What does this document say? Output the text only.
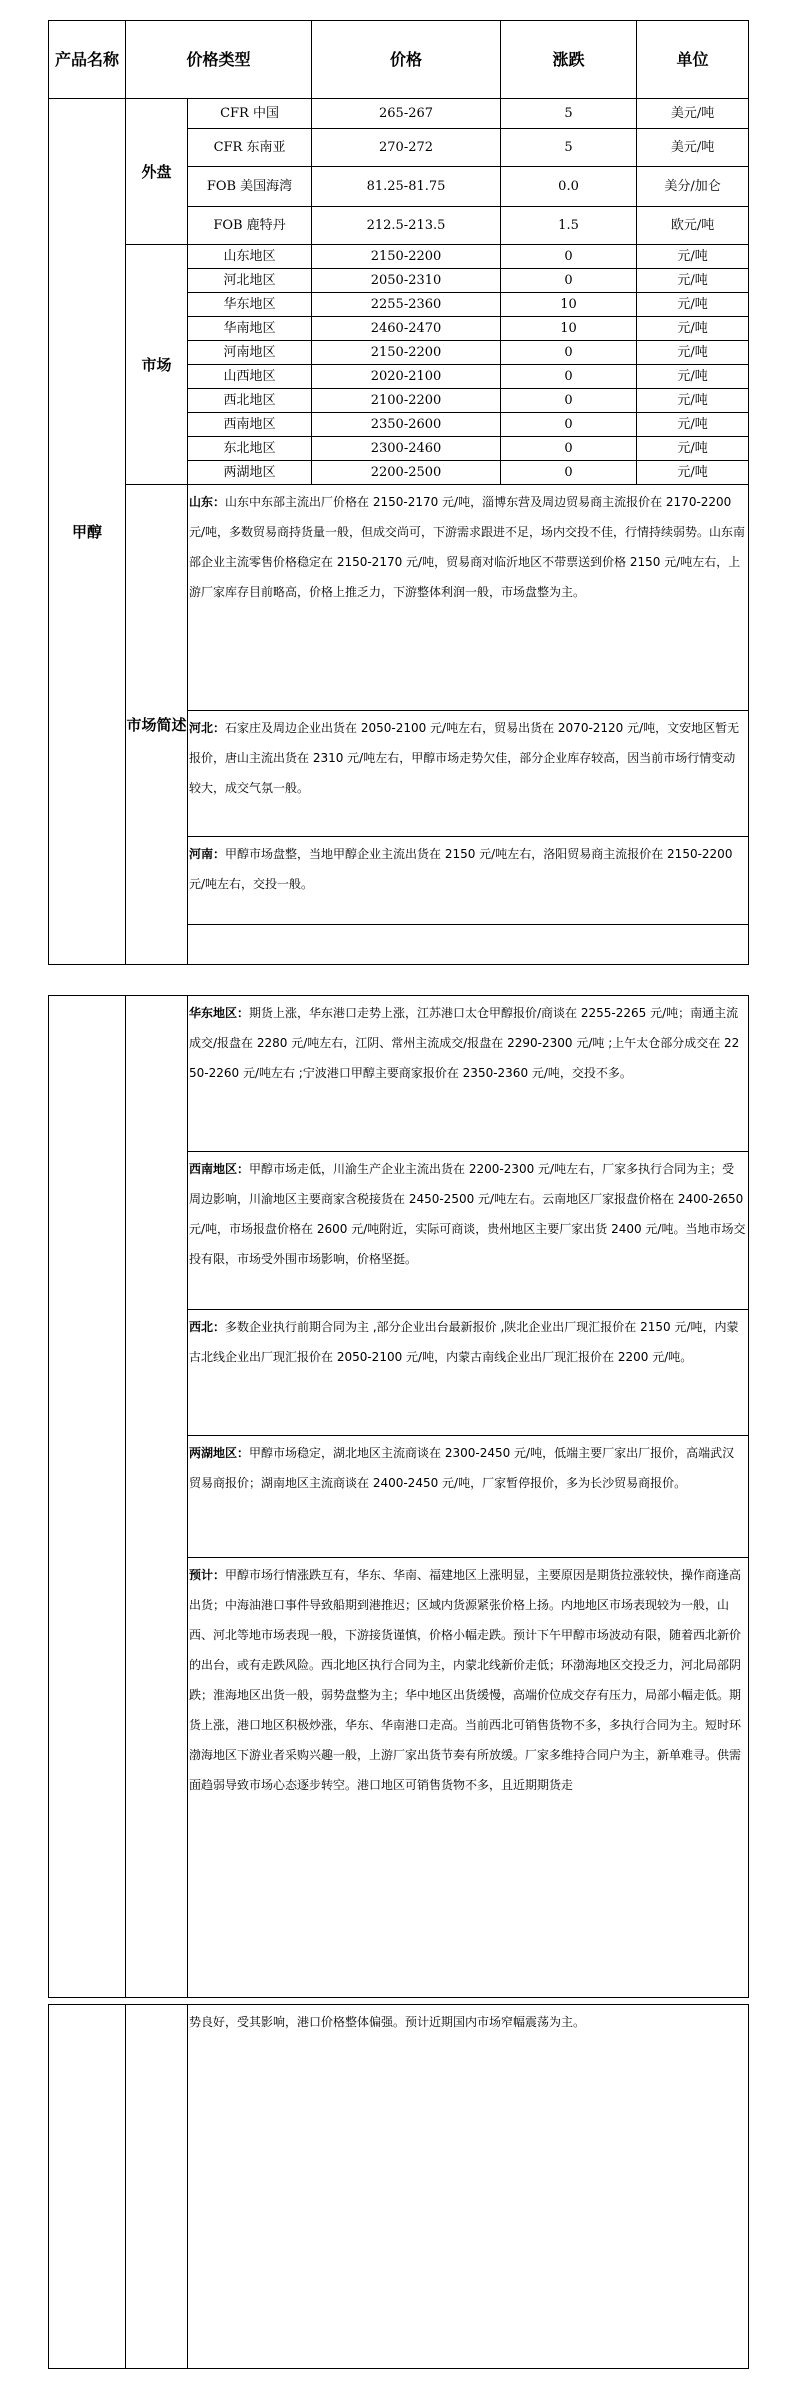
产品名称	价格类型		价格	涨跌	单位
甲醇	外盘	CFR 中国	265-267	5	美元/吨
		CFR 东南亚	270-272	5	美元/吨
		FOB 美国海湾	81.25-81.75	0.0	美分/加仑
		FOB 鹿特丹	212.5-213.5	1.5	欧元/吨
	市场	山东地区	2150-2200	0	元/吨
		河北地区	2050-2310	0	元/吨
		华东地区	2255-2360	10	元/吨
		华南地区	2460-2470	10	元/吨
		河南地区	2150-2200	0	元/吨
		山西地区	2020-2100	0	元/吨
		西北地区	2100-2200	0	元/吨
		西南地区	2350-2600	0	元/吨
		东北地区	2300-2460	0	元/吨
		两湖地区	2200-2500	0	元/吨
	市场简述	山东：山东中东部主流出厂价格在 2150-2170 元/吨，淄博东营及周边贸易商主流报价在 2170-2200 元/吨，多数贸易商持货量一般，但成交尚可，下游需求跟进不足，场内交投不佳，行情持续弱势。山东南部企业主流零售价格稳定在 2150-2170 元/吨，贸易商对临沂地区不带票送到价格 2150 元/吨左右，上游厂家库存目前略高，价格上推乏力，下游整体利润一般，市场盘整为主。			
		河北：石家庄及周边企业出货在 2050-2100 元/吨左右，贸易出货在 2070-2120 元/吨，文安地区暂无报价，唐山主流出货在 2310 元/吨左右，甲醇市场走势欠佳，部分企业库存较高，因当前市场行情变动较大，成交气氛一般。			
		河南：甲醇市场盘整，当地甲醇企业主流出货在 2150 元/吨左右，洛阳贸易商主流报价在 2150-2200 元/吨左右，交投一般。			

		华东地区：期货上涨，华东港口走势上涨，江苏港口太仓甲醇报价/商谈在 2255-2265 元/吨；南通主流成交/报盘在 2280 元/吨左右，江阴、常州主流成交/报盘在 2290-2300 元/吨 ;上午太仓部分成交在 2250-2260 元/吨左右 ;宁波港口甲醇主要商家报价在 2350-2360 元/吨，交投不多。
西南地区：甲醇市场走低，川渝生产企业主流出货在 2200-2300 元/吨左右，厂家多执行合同为主；受周边影响，川渝地区主要商家含税接货在 2450-2500 元/吨左右。云南地区厂家报盘价格在 2400-2650 元/吨，市场报盘价格在 2600 元/吨附近，实际可商谈，贵州地区主要厂家出货 2400 元/吨。当地市场交投有限，市场受外围市场影响，价格坚挺。
西北：多数企业执行前期合同为主 ,部分企业出台最新报价 ,陕北企业出厂现汇报价在 2150 元/吨，内蒙古北线企业出厂现汇报价在 2050-2100 元/吨，内蒙古南线企业出厂现汇报价在 2200 元/吨。
两湖地区：甲醇市场稳定，湖北地区主流商谈在 2300-2450 元/吨，低端主要厂家出厂报价，高端武汉贸易商报价；湖南地区主流商谈在 2400-2450 元/吨，厂家暂停报价，多为长沙贸易商报价。
预计：甲醇市场行情涨跌互有，华东、华南、福建地区上涨明显，主要原因是期货拉涨较快，操作商逢高出货；中海油港口事件导致船期到港推迟；区域内货源紧张价格上扬。内地地区市场表现较为一般，山西、河北等地市场表现一般，下游接货谨慎，价格小幅走跌。预计下午甲醇市场波动有限，随着西北新价的出台，或有走跌风险。西北地区执行合同为主，内蒙北线新价走低；环渤海地区交投乏力，河北局部阴跌；淮海地区出货一般，弱势盘整为主；华中地区出货缓慢，高端价位成交存有压力，局部小幅走低。期货上涨，港口地区积极炒涨，华东、华南港口走高。当前西北可销售货物不多，多执行合同为主。短时环渤海地区下游业者采购兴趣一般，上游厂家出货节奏有所放缓。厂家多维持合同户为主，新单难寻。供需面趋弱导致市场心态逐步转空。港口地区可销售货物不多，且近期期货走
		势良好，受其影响，港口价格整体偏强。预计近期国内市场窄幅震荡为主。
